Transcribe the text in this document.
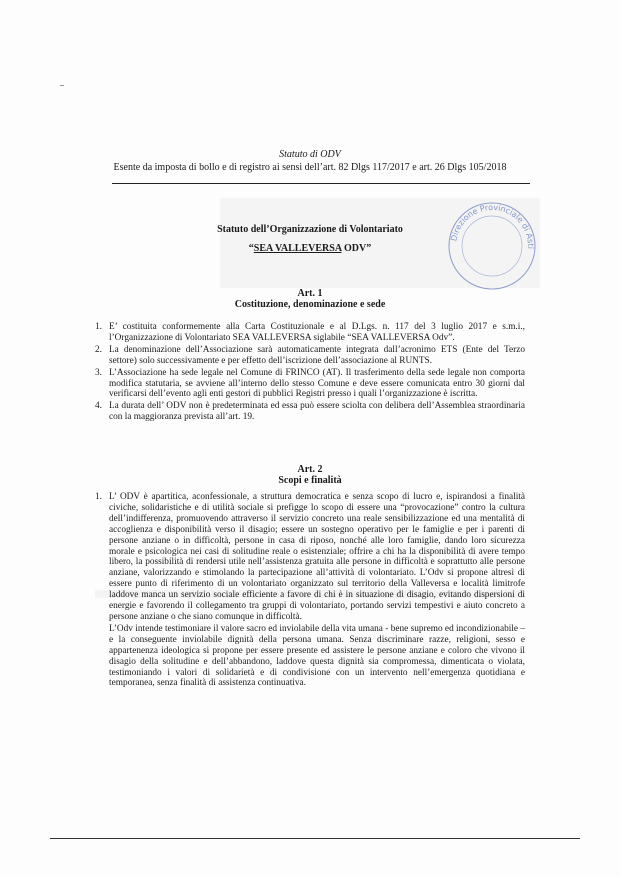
Statuto di ODV
Esente da imposta di bollo e di registro ai sensi dell’art. 82 Dlgs 117/2017 e art. 26 Dlgs 105/2018
Direzione Provinciale di Asti
Statuto dell’Organizzazione di Volontariato
“SEA VALLEVERSA ODV”
Art. 1
Costituzione, denominazione e sede
1. E’ costituita conformemente alla Carta Costituzionale e al D.Lgs. n. 117 del 3 luglio 2017 e s.m.i., l’Organizzazione di Volontariato SEA VALLEVERSA siglabile “SEA VALLEVERSA Odv”.
2. La denominazione dell’Associazione sarà automaticamente integrata dall’acronimo ETS (Ente del Terzo settore) solo successivamente e per effetto dell’iscrizione dell’associazione al RUNTS.
3. L’Associazione ha sede legale nel Comune di FRINCO (AT). Il trasferimento della sede legale non comporta modifica statutaria, se avviene all’interno dello stesso Comune e deve essere comunicata entro 30 giorni dal verificarsi dell’evento agli enti gestori di pubblici Registri presso i quali l’organizzazione è iscritta.
4. La durata dell’ ODV non è predeterminata ed essa può essere sciolta con delibera dell’Assemblea straordinaria con la maggioranza prevista all’art. 19.
Art. 2
Scopi e finalità
1. L’ ODV è apartitica, aconfessionale, a struttura democratica e senza scopo di lucro e, ispirandosi a finalità civiche, solidaristiche e di utilità sociale si prefigge lo scopo di essere una “provocazione” contro la cultura dell’indifferenza, promuovendo attraverso il servizio concreto una reale sensibilizzazione ed una mentalità di accoglienza e disponibilità verso il disagio; essere un sostegno operativo per le famiglie e per i parenti di persone anziane o in difficoltà, persone in casa di riposo, nonché alle loro famiglie, dando loro sicurezza morale e psicologica nei casi di solitudine reale o esistenziale; offrire a chi ha la disponibilità di avere tempo libero, la possibilità di rendersi utile nell’assistenza gratuita alle persone in difficoltà e soprattutto alle persone anziane, valorizzando e stimolando la partecipazione all’attività di volontariato. L’Odv si propone altresì di essere punto di riferimento di un volontariato organizzato sul territorio della Valleversa e località limitrofe laddove manca un servizio sociale efficiente a favore di chi è in situazione di disagio, evitando dispersioni di energie e favorendo il collegamento tra gruppi di volontariato, portando servizi tempestivi e aiuto concreto a persone anziane o che siano comunque in difficoltà.
L’Odv intende testimoniare il valore sacro ed inviolabile della vita umana - bene supremo ed incondizionabile – e la conseguente inviolabile dignità della persona umana. Senza discriminare razze, religioni, sesso e appartenenza ideologica si propone per essere presente ed assistere le persone anziane e coloro che vivono il disagio della solitudine e dell’abbandono, laddove questa dignità sia compromessa, dimenticata o violata, testimoniando i valori di solidarietà e di condivisione con un intervento nell’emergenza quotidiana e temporanea, senza finalità di assistenza continuativa.
